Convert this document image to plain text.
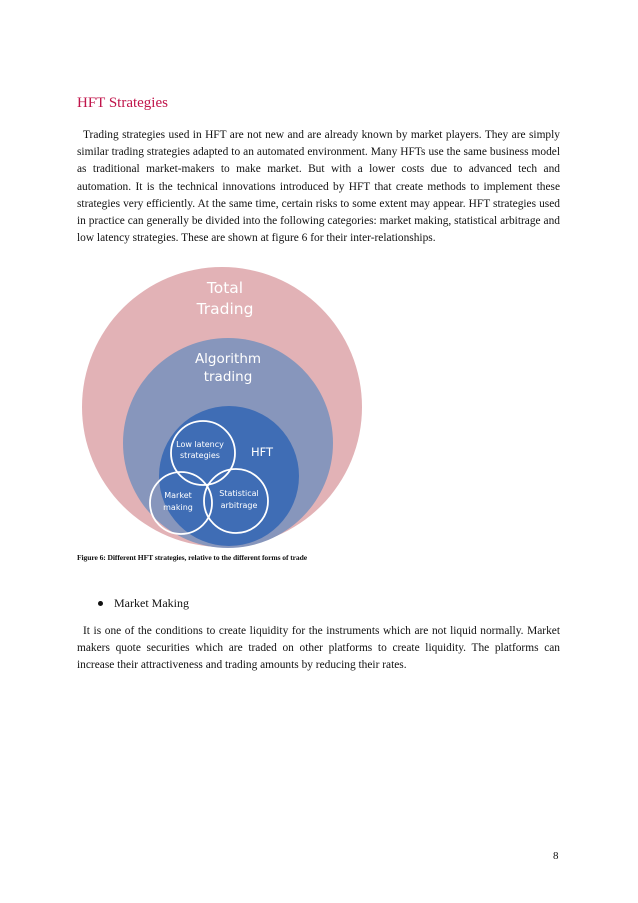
HFT Strategies

Trading strategies used in HFT are not new and are already known by market players. They are simply similar trading strategies adapted to an automated environment. Many HFTs use the same business model as traditional market-makers to make market. But with a lower costs due to advanced tech and automation. It is the technical innovations introduced by HFT that create methods to implement these strategies very efficiently. At the same time, certain risks to some extent may appear. HFT strategies used in practice can generally be divided into the following categories: market making, statistical arbitrage and low latency strategies. These are shown at figure 6 for their inter-relationships.

Total
Trading
Algorithm
trading
HFT
Low latency
strategies
Market
making
Statistical
arbitrage

Figure 6: Different HFT strategies, relative to the different forms of trade

Market Making

It is one of the conditions to create liquidity for the instruments which are not liquid normally. Market makers quote securities which are traded on other platforms to create liquidity. The platforms can increase their attractiveness and trading amounts by reducing their rates.

8
